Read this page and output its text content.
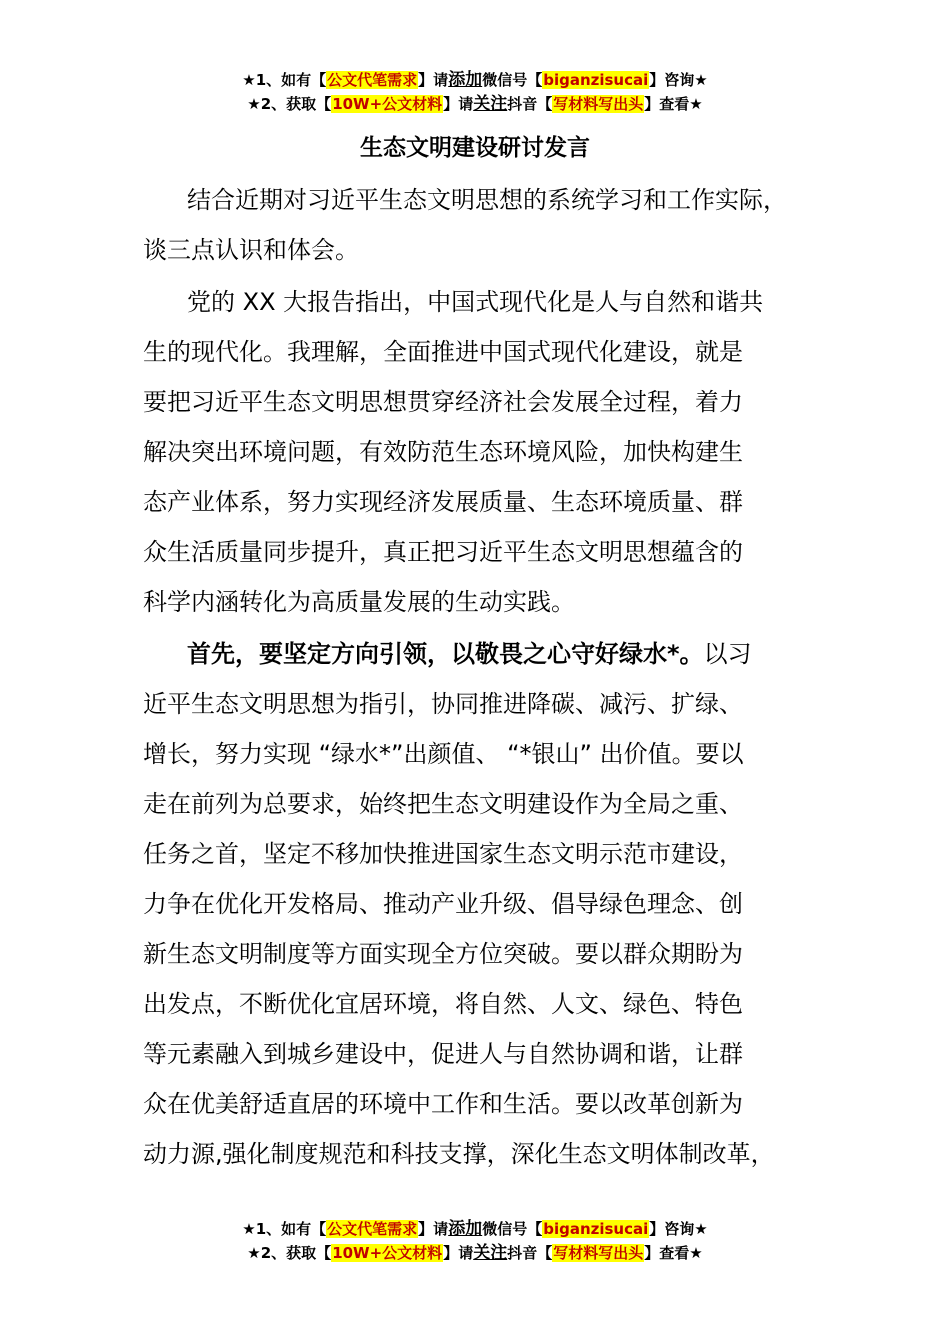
★1、如有【公文代笔需求】请添加微信号【biganzisucai】咨询★
★2、获取【10W+公文材料】请关注抖音【写材料写出头】查看★
生态文明建设研讨发言
结合近期对习近平生态文明思想的系统学习和工作实际，
谈三点认识和体会。
党的 XX 大报告指出，中国式现代化是人与自然和谐共
生的现代化。我理解，全面推进中国式现代化建设，就是
要把习近平生态文明思想贯穿经济社会发展全过程，着力
解决突出环境问题，有效防范生态环境风险，加快构建生
态产业体系，努力实现经济发展质量、生态环境质量、群
众生活质量同步提升，真正把习近平生态文明思想蕴含的
科学内涵转化为高质量发展的生动实践。
首先，要坚定方向引领，以敬畏之心守好绿水*。以习
近平生态文明思想为指引，协同推进降碳、减污、扩绿、
增长，努力实现 “绿水*”出颜值、 “*银山” 出价值。要以
走在前列为总要求，始终把生态文明建设作为全局之重、
任务之首，坚定不移加快推进国家生态文明示范市建设，
力争在优化开发格局、推动产业升级、倡导绿色理念、创
新生态文明制度等方面实现全方位突破。要以群众期盼为
出发点，不断优化宜居环境，将自然、人文、绿色、特色
等元素融入到城乡建设中，促进人与自然协调和谐，让群
众在优美舒适直居的环境中工作和生活。要以改革创新为
动力源,强化制度规范和科技支撑，深化生态文明体制改革，
★1、如有【公文代笔需求】请添加微信号【biganzisucai】咨询★
★2、获取【10W+公文材料】请关注抖音【写材料写出头】查看★
